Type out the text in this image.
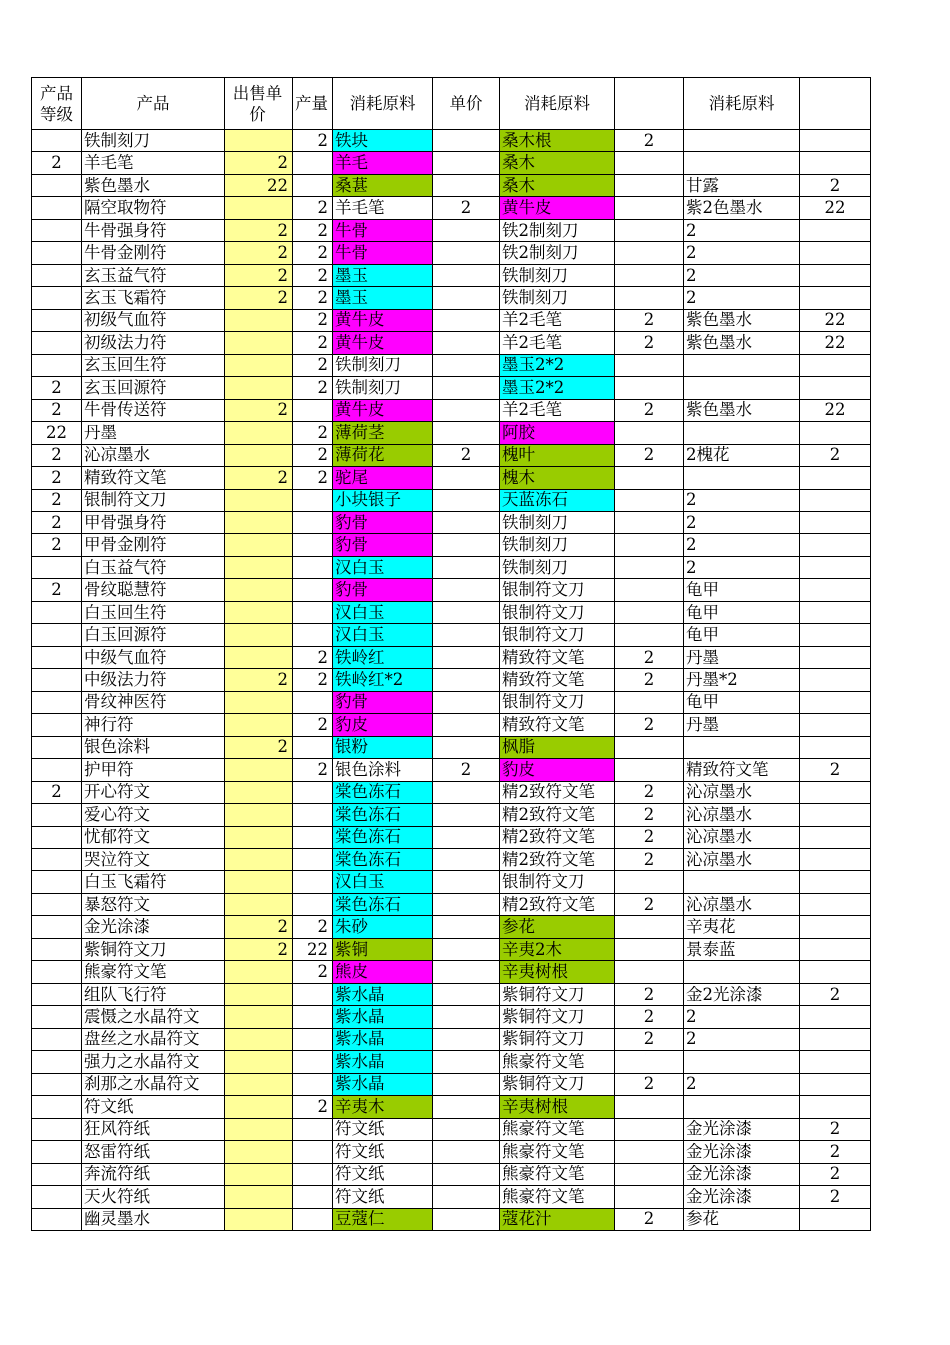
产品等级	产品	出售单价	产量	消耗原料	单价	消耗原料		消耗原料	
	铁制刻刀		2	铁块		桑木根	2		
2	羊毛笔	2		羊毛		桑木			
	紫色墨水	22		桑葚		桑木		甘露	2
	隔空取物符		2	羊毛笔	2	黄牛皮		紫2色墨水	22
	牛骨强身符	2	2	牛骨		铁2制刻刀		2	
	牛骨金刚符	2	2	牛骨		铁2制刻刀		2	
	玄玉益气符	2	2	墨玉		铁制刻刀		2	
	玄玉飞霜符	2	2	墨玉		铁制刻刀		2	
	初级气血符		2	黄牛皮		羊2毛笔	2	紫色墨水	22
	初级法力符		2	黄牛皮		羊2毛笔	2	紫色墨水	22
	玄玉回生符		2	铁制刻刀		墨玉2*2			
2	玄玉回源符		2	铁制刻刀		墨玉2*2			
2	牛骨传送符	2		黄牛皮		羊2毛笔	2	紫色墨水	22
22	丹墨		2	薄荷茎		阿胶			
2	沁凉墨水		2	薄荷花	2	槐叶	2	2槐花	2
2	精致符文笔	2	2	驼尾		槐木			
2	银制符文刀			小块银子		天蓝冻石		2	
2	甲骨强身符			豹骨		铁制刻刀		2	
2	甲骨金刚符			豹骨		铁制刻刀		2	
	白玉益气符			汉白玉		铁制刻刀		2	
2	骨纹聪慧符			豹骨		银制符文刀		龟甲	
	白玉回生符			汉白玉		银制符文刀		龟甲	
	白玉回源符			汉白玉		银制符文刀		龟甲	
	中级气血符		2	铁岭红		精致符文笔	2	丹墨	
	中级法力符	2	2	铁岭红*2		精致符文笔	2	丹墨*2	
	骨纹神医符			豹骨		银制符文刀		龟甲	
	神行符		2	豹皮		精致符文笔	2	丹墨	
	银色涂料	2		银粉		枫脂			
	护甲符		2	银色涂料	2	豹皮		精致符文笔	2
2	开心符文			棠色冻石		精2致符文笔	2	沁凉墨水	
	爱心符文			棠色冻石		精2致符文笔	2	沁凉墨水	
	忧郁符文			棠色冻石		精2致符文笔	2	沁凉墨水	
	哭泣符文			棠色冻石		精2致符文笔	2	沁凉墨水	
	白玉飞霜符			汉白玉		银制符文刀			
	暴怒符文			棠色冻石		精2致符文笔	2	沁凉墨水	
	金光涂漆	2	2	朱砂		参花		辛夷花	
	紫铜符文刀	2	22	紫铜		辛夷2木		景泰蓝	
	熊豪符文笔		2	熊皮		辛夷树根			
	组队飞行符			紫水晶		紫铜符文刀	2	金2光涂漆	2
	震慑之水晶符文			紫水晶		紫铜符文刀	2	2	
	盘丝之水晶符文			紫水晶		紫铜符文刀	2	2	
	强力之水晶符文			紫水晶		熊豪符文笔			
	刹那之水晶符文			紫水晶		紫铜符文刀	2	2	
	符文纸		2	辛夷木		辛夷树根			
	狂风符纸			符文纸		熊豪符文笔		金光涂漆	2
	怒雷符纸			符文纸		熊豪符文笔		金光涂漆	2
	奔流符纸			符文纸		熊豪符文笔		金光涂漆	2
	天火符纸			符文纸		熊豪符文笔		金光涂漆	2
	幽灵墨水			豆蔻仁		蔻花汁	2	参花	
